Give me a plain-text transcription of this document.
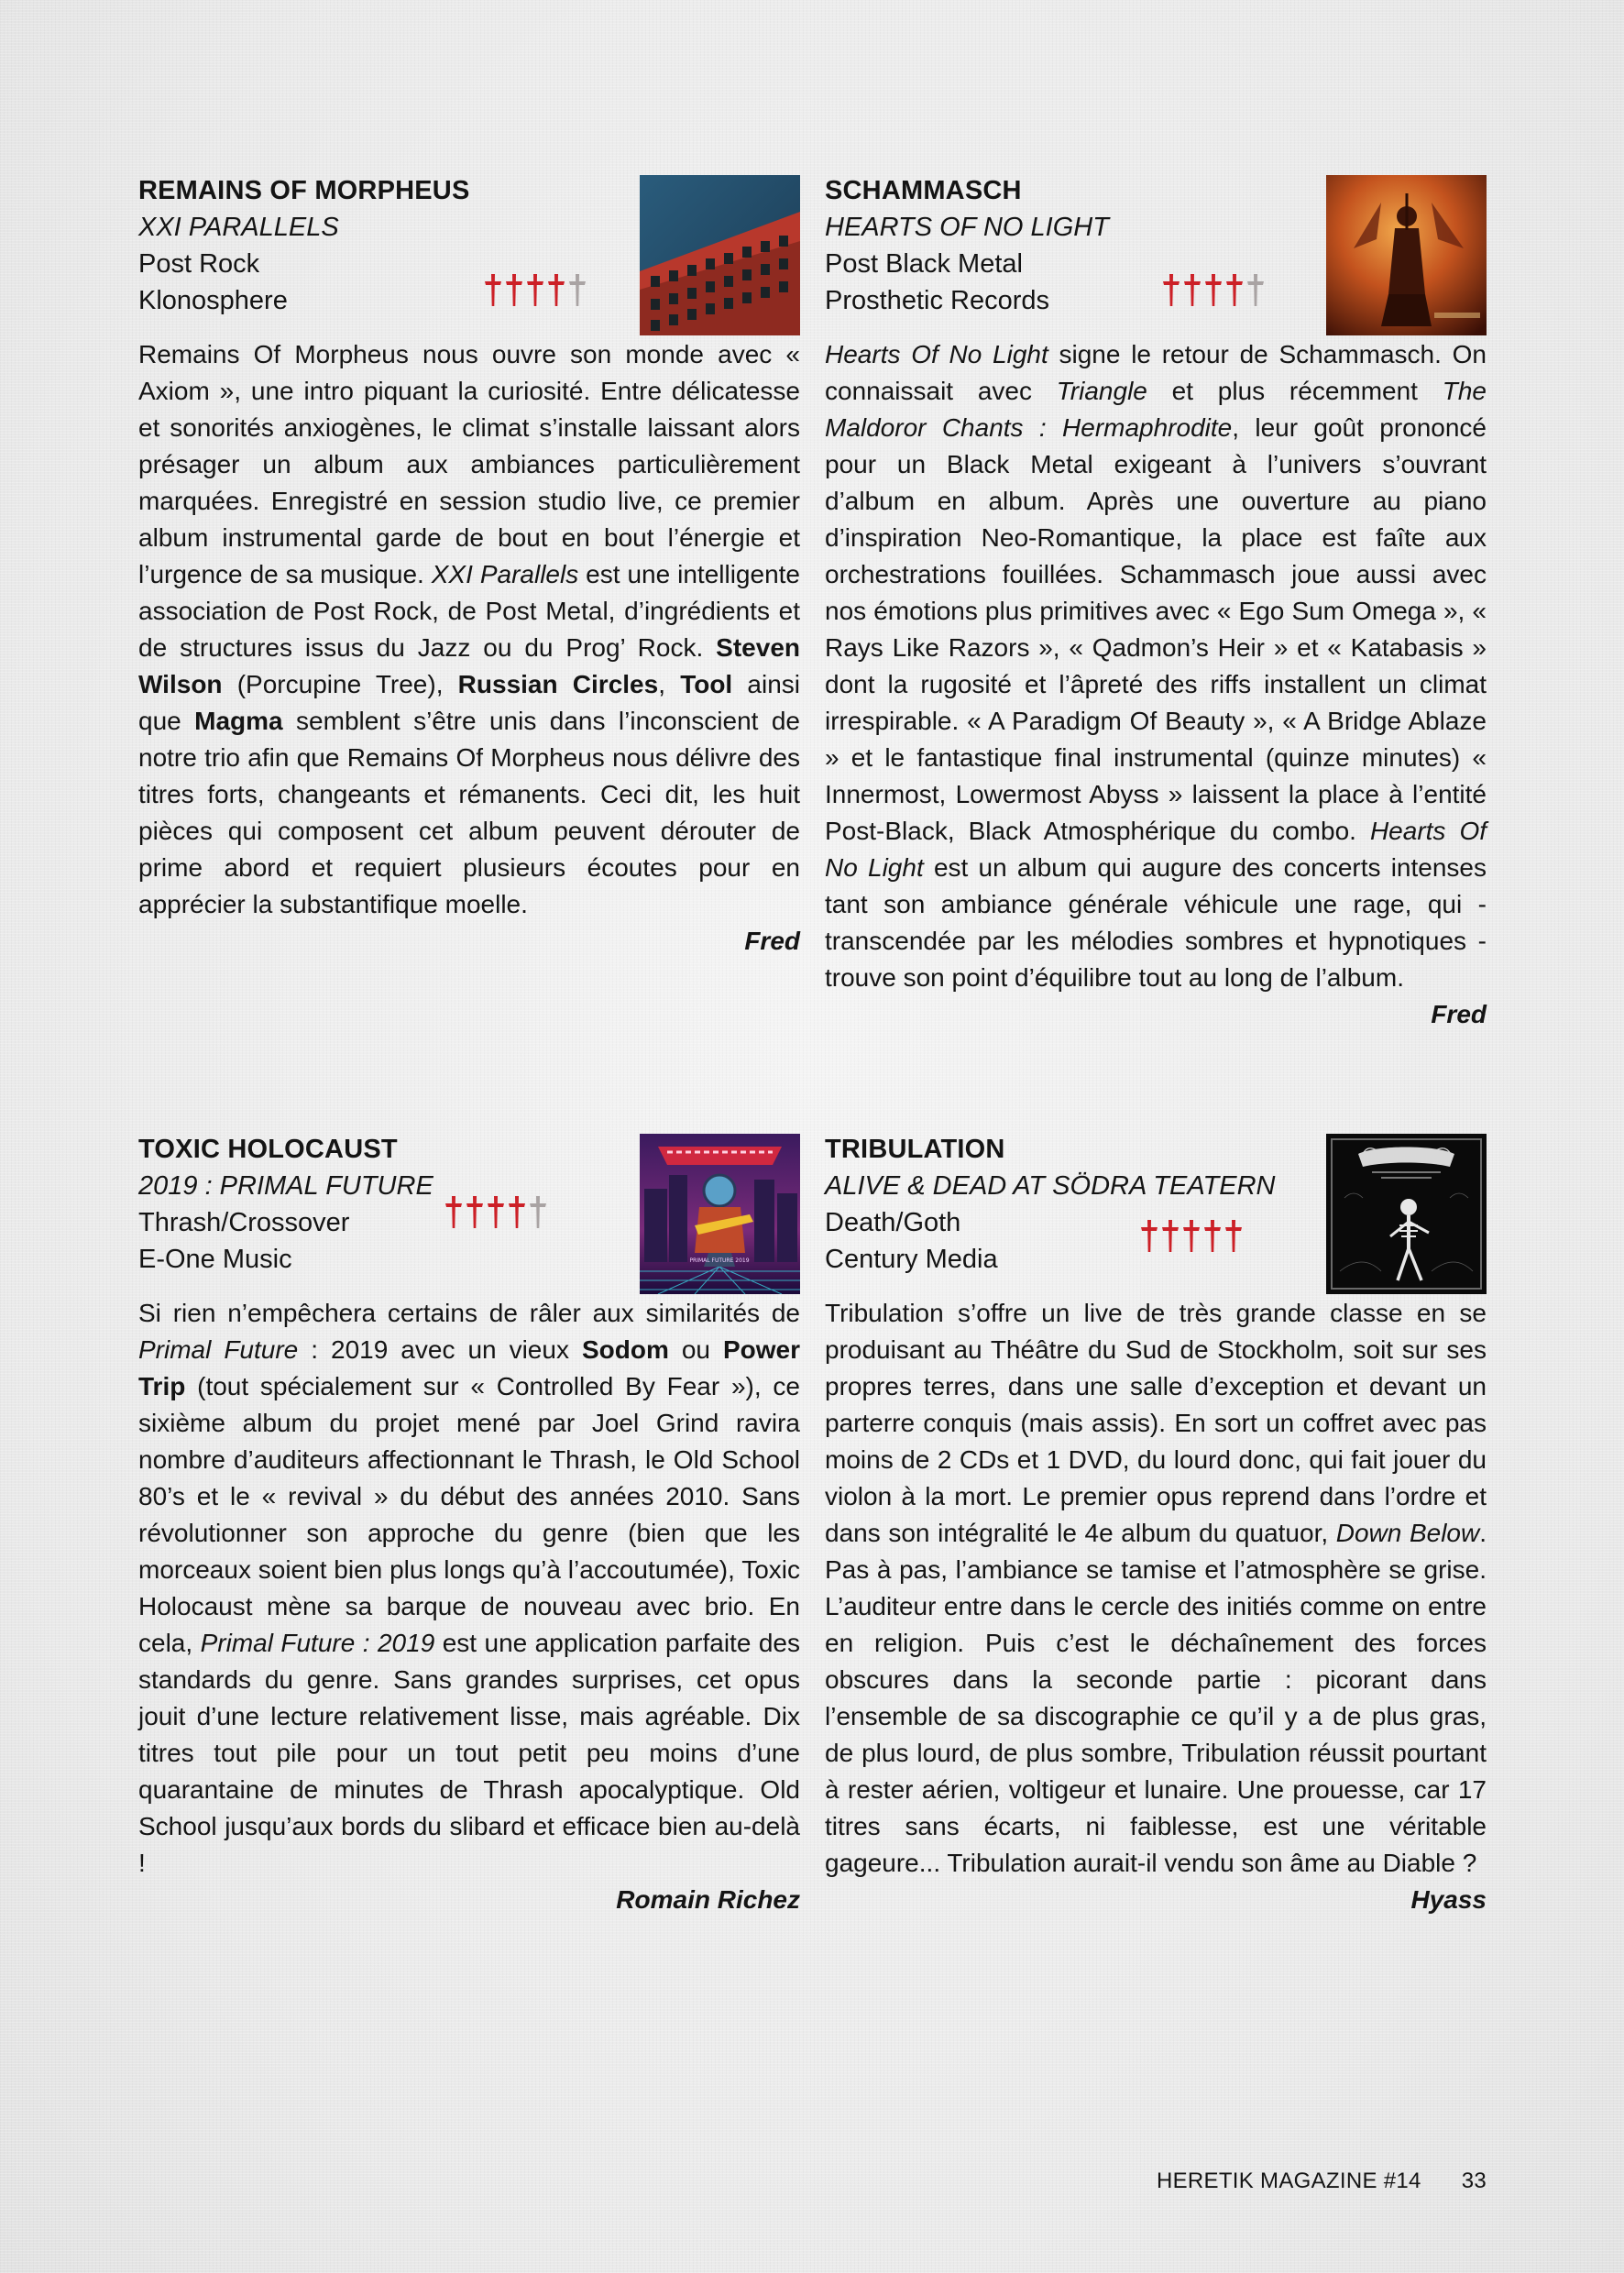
REMAINS OF MORPHEUS
XXI PARALLELS
Post Rock
Klonosphere
Remains Of Morpheus nous ouvre son monde avec « Axiom », une intro piquant la curiosité. Entre délicatesse et sonorités anxiogènes, le climat s’installe laissant alors présager un album aux ambiances particulièrement marquées. Enregistré en session studio live, ce premier album instrumental garde de bout en bout l’énergie et l’urgence de sa musique. XXI Parallels est une intelligente association de Post Rock, de Post Metal, d’ingrédients et de structures issus du Jazz ou du Prog’ Rock. Steven Wilson (Porcupine Tree), Russian Circles, Tool ainsi que Magma semblent s’être unis dans l’inconscient de notre trio afin que Remains Of Morpheus nous délivre des titres forts, changeants et rémanents. Ceci dit, les huit pièces qui composent cet album peuvent dérouter de prime abord et requiert plusieurs écoutes pour en apprécier la substantifique moelle.
Fred
SCHAMMASCH
HEARTS OF NO LIGHT
Post Black Metal
Prosthetic Records
Hearts Of No Light signe le retour de Schammasch. On connaissait avec Triangle et plus récemment The Maldoror Chants : Hermaphrodite, leur goût prononcé pour un Black Metal exigeant à l’univers s’ouvrant d’album en album. Après une ouverture au piano d’inspiration Neo-Romantique, la place est faîte aux orchestrations fouillées. Schammasch joue aussi avec nos émotions plus primitives avec « Ego Sum Omega », « Rays Like Razors », « Qadmon’s Heir » et « Katabasis » dont la rugosité et l’âpreté des riffs installent un climat irrespirable. « A Paradigm Of Beauty », « A Bridge Ablaze » et le fantastique final instrumental (quinze minutes) « Innermost, Lowermost Abyss » laissent la place à l’entité Post-Black, Black Atmosphérique du combo. Hearts Of No Light est un album qui augure des concerts intenses tant son ambiance générale véhicule une rage, qui - transcendée par les mélodies sombres et hypnotiques - trouve son point d’équilibre tout au long de l’album.
Fred
TOXIC HOLOCAUST
2019 : PRIMAL FUTURE
Thrash/Crossover
E-One Music	PRIMAL FUTURE 2019
Si rien n’empêchera certains de râler aux similarités de Primal Future : 2019 avec un vieux Sodom ou Power Trip (tout spécialement sur « Controlled By Fear »), ce sixième album du projet mené par Joel Grind ravira nombre d’auditeurs affectionnant le Thrash, le Old School 80’s et le « revival » du début des années 2010. Sans révolutionner son approche du genre (bien que les morceaux soient bien plus longs qu’à l’accoutumée), Toxic Holocaust mène sa barque de nouveau avec brio. En cela, Primal Future : 2019 est une application parfaite des standards du genre. Sans grandes surprises, cet opus jouit d’une lecture relativement lisse, mais agréable. Dix titres tout pile pour un tout petit peu moins d’une quarantaine de minutes de Thrash apocalyptique. Old School jusqu’aux bords du slibard et efficace bien au-delà !
Romain Richez
TRIBULATION
ALIVE & DEAD AT SÖDRA TEATERN
Death/Goth
Century Media
Tribulation s’offre un live de très grande classe en se produisant au Théâtre du Sud de Stockholm, soit sur ses propres terres, dans une salle d’exception et devant un parterre conquis (mais assis). En sort un coffret avec pas moins de 2 CDs et 1 DVD, du lourd donc, qui fait jouer du violon à la mort. Le premier opus reprend dans l’ordre et dans son intégralité le 4e album du quatuor, Down Below. Pas à pas, l’ambiance se tamise et l’atmosphère se grise. L’auditeur entre dans le cercle des initiés comme on entre en religion. Puis c’est le déchaînement des forces obscures dans la seconde partie : picorant dans l’ensemble de sa discographie ce qu’il y a de plus gras, de plus lourd, de plus sombre, Tribulation réussit pourtant à rester aérien, voltigeur et lunaire. Une prouesse, car 17 titres sans écarts, ni faiblesse, est une véritable gageure... Tribulation aurait-il vendu son âme au Diable ?
Hyass
HERETIK MAGAZINE #14 33
